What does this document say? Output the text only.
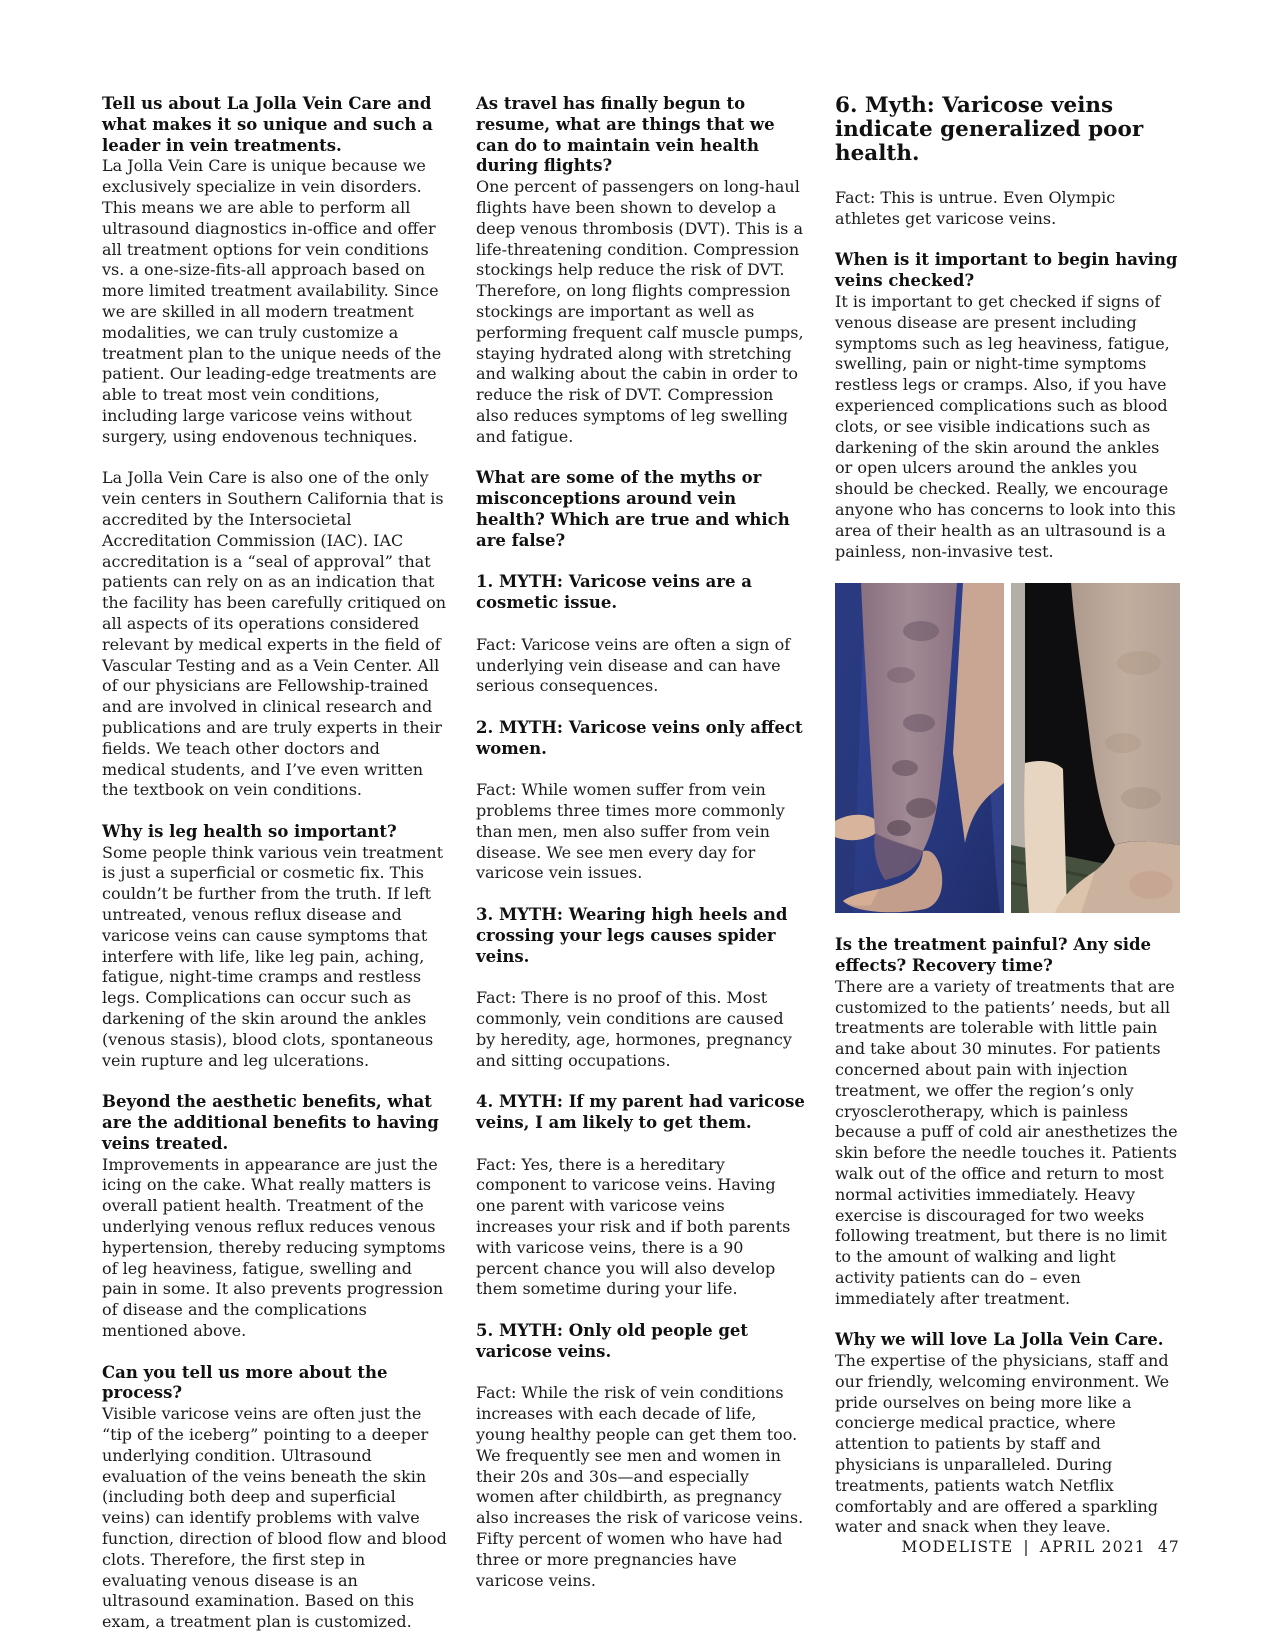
Tell us about La Jolla Vein Care and what makes it so unique and such a leader in vein treatments.
La Jolla Vein Care is unique because we exclusively specialize in vein disorders. This means we are able to perform all ultrasound diagnostics in-office and offer all treatment options for vein conditions vs. a one-size-fits-all approach based on more limited treatment availability. Since we are skilled in all modern treatment modalities, we can truly customize a treatment plan to the unique needs of the patient. Our leading-edge treatments are able to treat most vein conditions, including large varicose veins without surgery, using endovenous techniques.
La Jolla Vein Care is also one of the only vein centers in Southern California that is accredited by the Intersocietal Accreditation Commission (IAC). IAC accreditation is a “seal of approval” that patients can rely on as an indication that the facility has been carefully critiqued on all aspects of its operations considered relevant by medical experts in the field of Vascular Testing and as a Vein Center. All of our physicians are Fellowship-trained and are involved in clinical research and publications and are truly experts in their fields. We teach other doctors and medical students, and I’ve even written the textbook on vein conditions.
Why is leg health so important?
Some people think various vein treatment is just a superficial or cosmetic fix. This couldn’t be further from the truth. If left untreated, venous reflux disease and varicose veins can cause symptoms that interfere with life, like leg pain, aching, fatigue, night-time cramps and restless legs. Complications can occur such as darkening of the skin around the ankles (venous stasis), blood clots, spontaneous vein rupture and leg ulcerations.
Beyond the aesthetic benefits, what are the additional benefits to having veins treated.
Improvements in appearance are just the icing on the cake. What really matters is overall patient health. Treatment of the underlying venous reflux reduces venous hypertension, thereby reducing symptoms of leg heaviness, fatigue, swelling and pain in some. It also prevents progression of disease and the complications mentioned above.
Can you tell us more about the process?
Visible varicose veins are often just the “tip of the iceberg” pointing to a deeper underlying condition. Ultrasound evaluation of the veins beneath the skin (including both deep and superficial veins) can identify problems with valve function, direction of blood flow and blood clots. Therefore, the first step in evaluating venous disease is an ultrasound examination. Based on this exam, a treatment plan is customized.
As travel has finally begun to resume, what are things that we can do to maintain vein health during flights?
One percent of passengers on long-haul flights have been shown to develop a deep venous thrombosis (DVT). This is a life-threatening condition. Compression stockings help reduce the risk of DVT. Therefore, on long flights compression stockings are important as well as performing frequent calf muscle pumps, staying hydrated along with stretching and walking about the cabin in order to reduce the risk of DVT. Compression also reduces symptoms of leg swelling and fatigue.
What are some of the myths or misconceptions around vein health? Which are true and which are false?
1. MYTH: Varicose veins are a cosmetic issue.
Fact: Varicose veins are often a sign of underlying vein disease and can have serious consequences.
2. MYTH: Varicose veins only affect women.
Fact: While women suffer from vein problems three times more commonly than men, men also suffer from vein disease. We see men every day for varicose vein issues.
3. MYTH: Wearing high heels and crossing your legs causes spider veins.
Fact: There is no proof of this. Most commonly, vein conditions are caused by heredity, age, hormones, pregnancy and sitting occupations.
4. MYTH: If my parent had varicose veins, I am likely to get them.
Fact: Yes, there is a hereditary component to varicose veins. Having one parent with varicose veins increases your risk and if both parents with varicose veins, there is a 90 percent chance you will also develop them sometime during your life.
5. MYTH: Only old people get varicose veins.
Fact: While the risk of vein conditions increases with each decade of life, young healthy people can get them too. We frequently see men and women in their 20s and 30s—and especially women after childbirth, as pregnancy also increases the risk of varicose veins. Fifty percent of women who have had three or more pregnancies have varicose veins.
6. Myth: Varicose veins indicate generalized poor health.
Fact: This is untrue. Even Olympic athletes get varicose veins.
When is it important to begin having veins checked?
It is important to get checked if signs of venous disease are present including symptoms such as leg heaviness, fatigue, swelling, pain or night-time symptoms restless legs or cramps. Also, if you have experienced complications such as blood clots, or see visible indications such as darkening of the skin around the ankles or open ulcers around the ankles you should be checked. Really, we encourage anyone who has concerns to look into this area of their health as an ultrasound is a painless, non-invasive test.
Is the treatment painful? Any side effects? Recovery time?
There are a variety of treatments that are customized to the patients’ needs, but all treatments are tolerable with little pain and take about 30 minutes. For patients concerned about pain with injection treatment, we offer the region’s only cryosclerotherapy, which is painless because a puff of cold air anesthetizes the skin before the needle touches it. Patients walk out of the office and return to most normal activities immediately. Heavy exercise is discouraged for two weeks following treatment, but there is no limit to the amount of walking and light activity patients can do – even immediately after treatment.
Why we will love La Jolla Vein Care.
The expertise of the physicians, staff and our friendly, welcoming environment. We pride ourselves on being more like a concierge medical practice, where attention to patients by staff and physicians is unparalleled. During treatments, patients watch Netflix comfortably and are offered a sparkling water and snack when they leave.
MODELISTE | APRIL 2021 47
